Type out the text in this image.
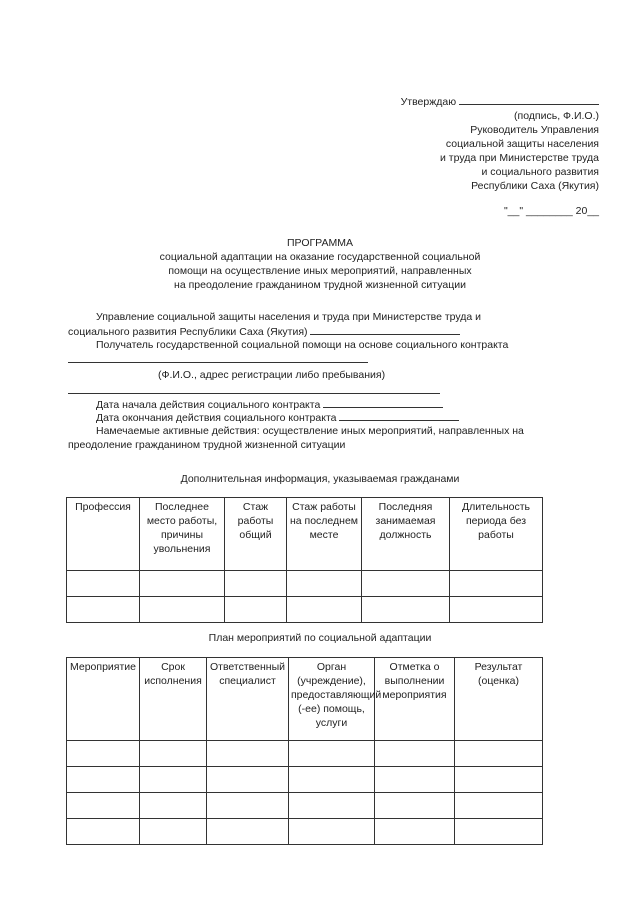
Утверждаю
(подпись, Ф.И.О.)
Руководитель Управления
социальной защиты населения
и труда при Министерстве труда
и социального развития
Республики Саха (Якутия)
"__" ________ 20__
ПРОГРАММА
социальной адаптации на оказание государственной социальной
помощи на осуществление иных мероприятий, направленных
на преодоление гражданином трудной жизненной ситуации
Управление социальной защиты населения и труда при Министерстве труда и
социального развития Республики Саха (Якутия)
Получатель государственной социальной помощи на основе социального контракта
(Ф.И.О., адрес регистрации либо пребывания)
Дата начала действия социального контракта
Дата окончания действия социального контракта
Намечаемые активные действия: осуществление иных мероприятий, направленных на
преодоление гражданином трудной жизненной ситуации
Дополнительная информация, указываемая гражданами
Профессия	Последнее место работы, причины увольнения	Стаж работы общий	Стаж работы на последнем месте	Последняя занимаемая должность	Длительность периода без работы

План мероприятий по социальной адаптации
Мероприятие	Срок исполнения	Ответственный специалист	Орган (учреждение), предоставляющий (-ее) помощь, услуги	Отметка о выполнении мероприятия	Результат (оценка)
